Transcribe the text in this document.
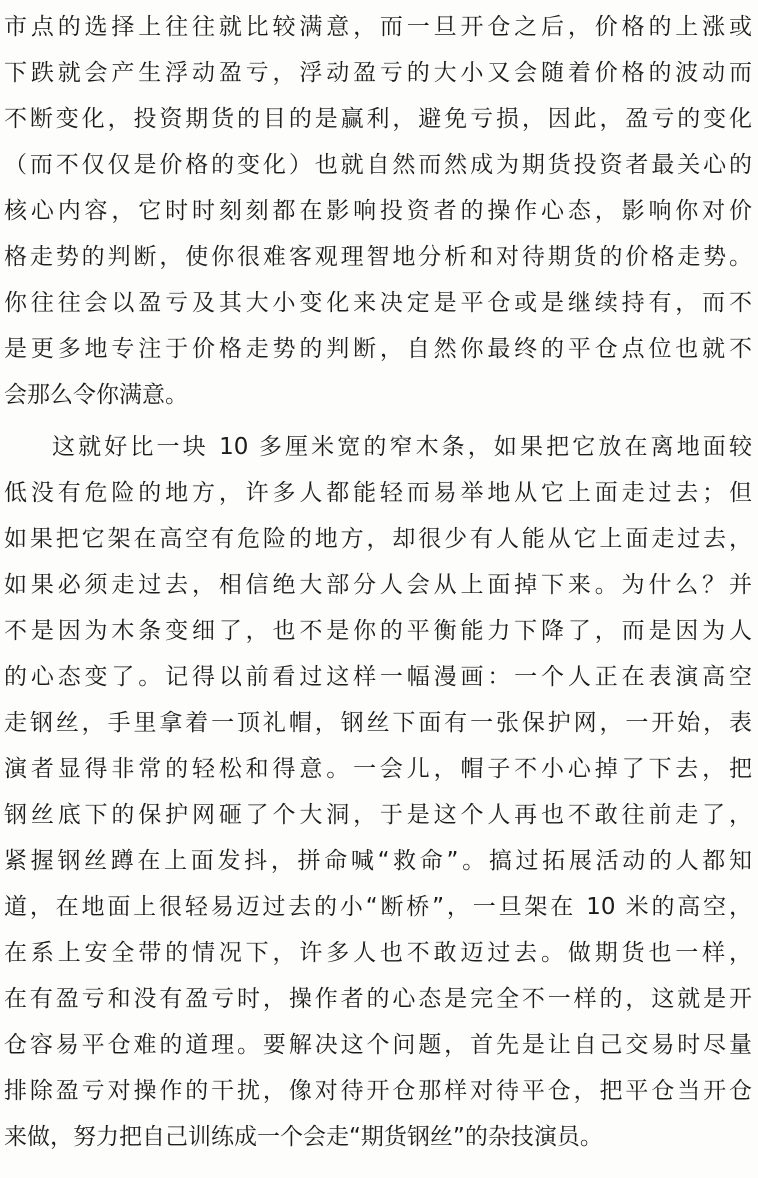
市点的选择上往往就比较满意，而一旦开仓之后，价格的上涨或
下跌就会产生浮动盈亏，浮动盈亏的大小又会随着价格的波动而
不断变化，投资期货的目的是赢利，避免亏损，因此，盈亏的变化
（而不仅仅是价格的变化）也就自然而然成为期货投资者最关心的
核心内容，它时时刻刻都在影响投资者的操作心态，影响你对价
格走势的判断，使你很难客观理智地分析和对待期货的价格走势。
你往往会以盈亏及其大小变化来决定是平仓或是继续持有，而不
是更多地专注于价格走势的判断，自然你最终的平仓点位也就不
会那么令你满意。
这就好比一块 10 多厘米宽的窄木条，如果把它放在离地面较
低没有危险的地方，许多人都能轻而易举地从它上面走过去；但
如果把它架在高空有危险的地方，却很少有人能从它上面走过去，
如果必须走过去，相信绝大部分人会从上面掉下来。为什么？并
不是因为木条变细了，也不是你的平衡能力下降了，而是因为人
的心态变了。记得以前看过这样一幅漫画：一个人正在表演高空
走钢丝，手里拿着一顶礼帽，钢丝下面有一张保护网，一开始，表
演者显得非常的轻松和得意。一会儿，帽子不小心掉了下去，把
钢丝底下的保护网砸了个大洞，于是这个人再也不敢往前走了，
紧握钢丝蹲在上面发抖，拼命喊“救命”。搞过拓展活动的人都知
道，在地面上很轻易迈过去的小“断桥”，一旦架在 10 米的高空，
在系上安全带的情况下，许多人也不敢迈过去。做期货也一样，
在有盈亏和没有盈亏时，操作者的心态是完全不一样的，这就是开
仓容易平仓难的道理。要解决这个问题，首先是让自己交易时尽量
排除盈亏对操作的干扰，像对待开仓那样对待平仓，把平仓当开仓
来做，努力把自己训练成一个会走“期货钢丝”的杂技演员。
